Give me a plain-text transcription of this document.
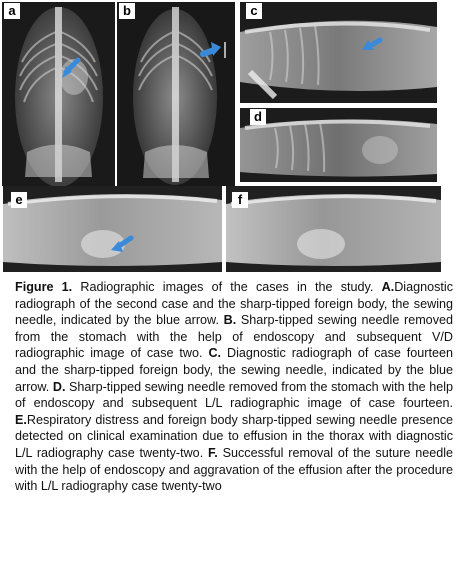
a	b	c
d
e	f
Figure 1. Radiographic images of the cases in the study. A.Diagnostic radiograph of the second case and the sharp-tipped foreign body, the sewing needle, indicated by the blue arrow. B. Sharp-tipped sewing needle removed from the stomach with the help of endoscopy and subsequent V/D radiographic image of case two. C. Diagnostic radiograph of case fourteen and the sharp-tipped foreign body, the sewing needle, indicated by the blue arrow. D. Sharp-tipped sewing needle removed from the stomach with the help of endoscopy and subsequent L/L radiographic image of case fourteen. E.Respiratory distress and foreign body sharp-tipped sewing needle presence detected on clinical examination due to effusion in the thorax with diagnostic L/L radiography case twenty-two. F. Successful removal of the suture needle with the help of endoscopy and aggravation of the effusion after the procedure with L/L radiography case twenty-two
